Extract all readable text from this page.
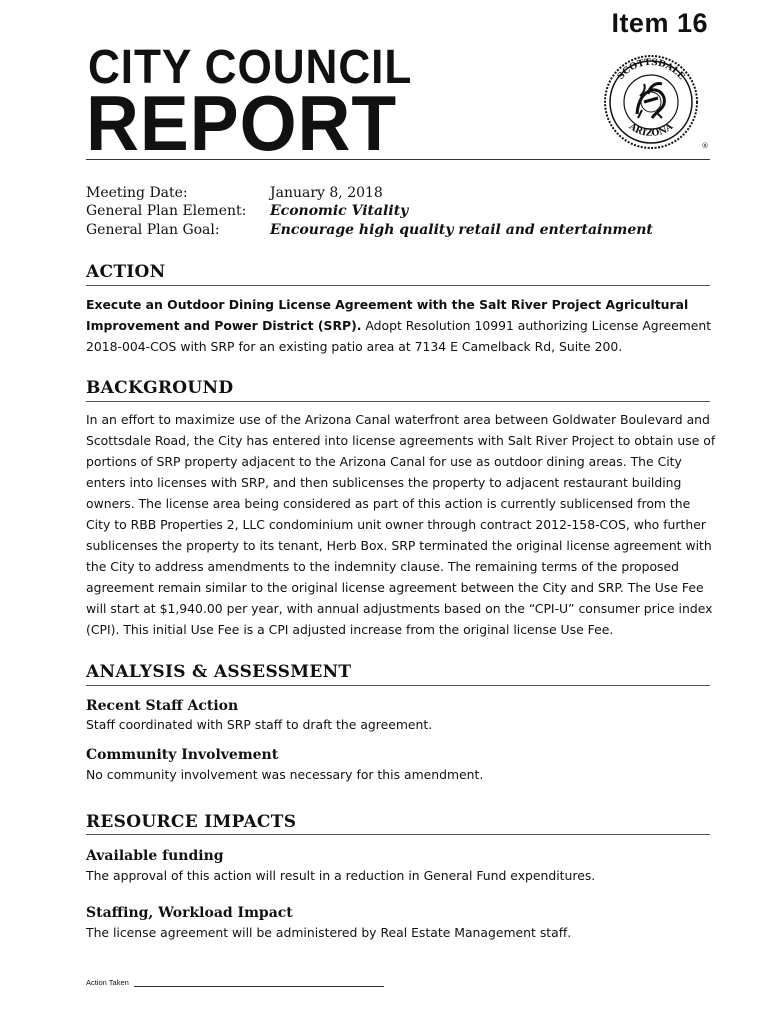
Item 16
CITY COUNCIL
REPORT
SCOTTSDALE
ARIZONA
®
Meeting Date:	January 8, 2018
General Plan Element: Economic Vitality
General Plan Goal:	Encourage high quality retail and entertainment
ACTION
Execute an Outdoor Dining License Agreement with the Salt River Project Agricultural Improvement and Power District (SRP). Adopt Resolution 10991 authorizing License Agreement 2018-004-COS with SRP for an existing patio area at 7134 E Camelback Rd, Suite 200.
BACKGROUND
In an effort to maximize use of the Arizona Canal waterfront area between Goldwater Boulevard and Scottsdale Road, the City has entered into license agreements with Salt River Project to obtain use of portions of SRP property adjacent to the Arizona Canal for use as outdoor dining areas. The City enters into licenses with SRP, and then sublicenses the property to adjacent restaurant building owners. The license area being considered as part of this action is currently sublicensed from the City to RBB Properties 2, LLC condominium unit owner through contract 2012-158-COS, who further sublicenses the property to its tenant, Herb Box. SRP terminated the original license agreement with the City to address amendments to the indemnity clause. The remaining terms of the proposed agreement remain similar to the original license agreement between the City and SRP. The Use Fee will start at $1,940.00 per year, with annual adjustments based on the “CPI-U” consumer price index (CPI). This initial Use Fee is a CPI adjusted increase from the original license Use Fee.
ANALYSIS & ASSESSMENT
Recent Staff Action
Staff coordinated with SRP staff to draft the agreement.
Community Involvement
No community involvement was necessary for this amendment.
RESOURCE IMPACTS
Available funding
The approval of this action will result in a reduction in General Fund expenditures.
Staffing, Workload Impact
The license agreement will be administered by Real Estate Management staff.
Action Taken
